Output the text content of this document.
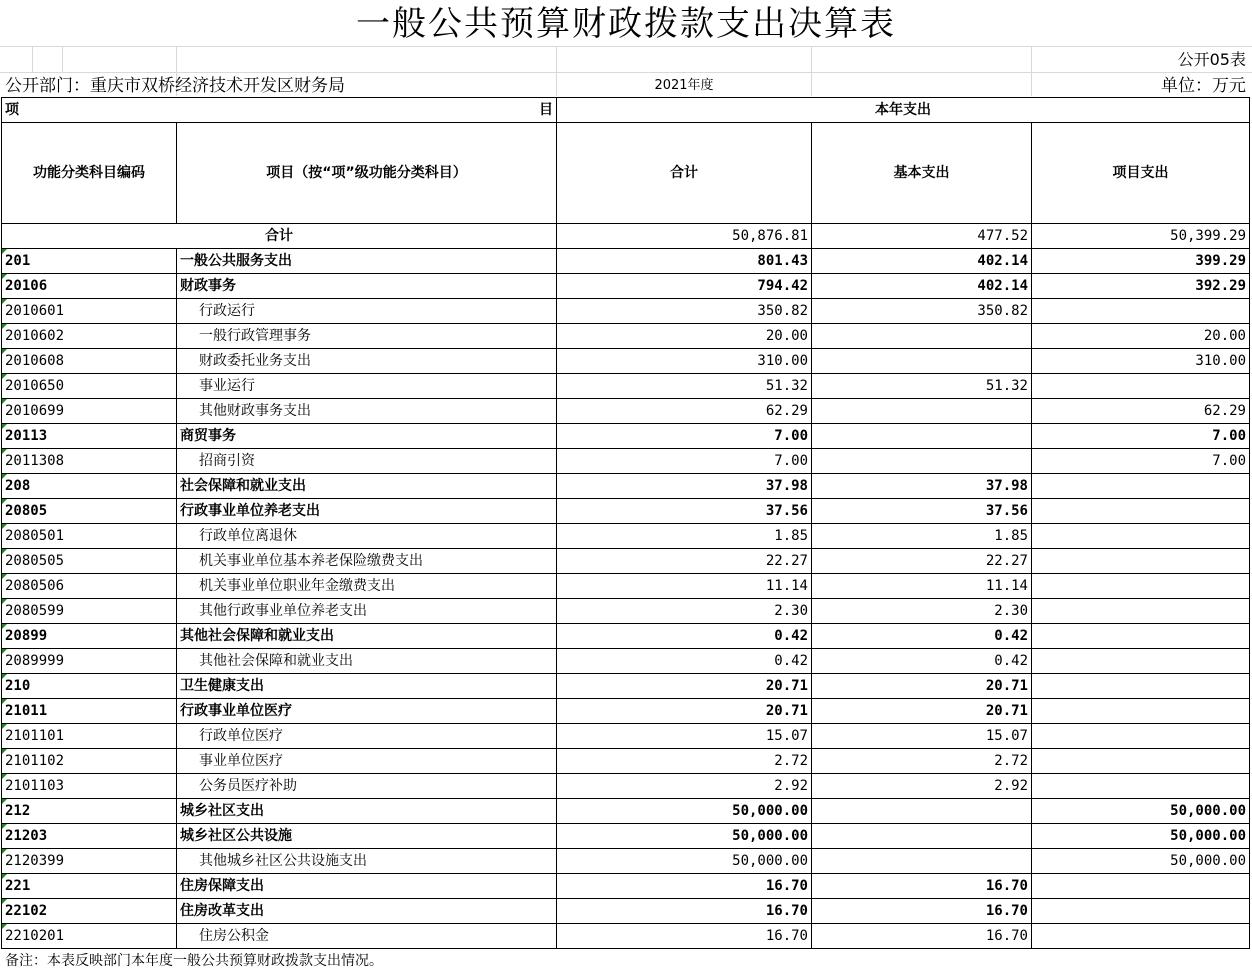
一般公共预算财政拨款支出决算表
公开05表
公开部门：重庆市双桥经济技术开发区财务局	2021年度	单位：万元
项 目		本年支出		
功能分类科目编码	项目（按“项”级功能分类科目）	合计	基本支出	项目支出
合计		50,876.81	477.52	50,399.29
201	一般公共服务支出	801.43	402.14	399.29
20106	财政事务	794.42	402.14	392.29
2010601	行政运行	350.82	350.82	
2010602	一般行政管理事务	20.00		20.00
2010608	财政委托业务支出	310.00		310.00
2010650	事业运行	51.32	51.32	
2010699	其他财政事务支出	62.29		62.29
20113	商贸事务	7.00		7.00
2011308	招商引资	7.00		7.00
208	社会保障和就业支出	37.98	37.98	
20805	行政事业单位养老支出	37.56	37.56	
2080501	行政单位离退休	1.85	1.85	
2080505	机关事业单位基本养老保险缴费支出	22.27	22.27	
2080506	机关事业单位职业年金缴费支出	11.14	11.14	
2080599	其他行政事业单位养老支出	2.30	2.30	
20899	其他社会保障和就业支出	0.42	0.42	
2089999	其他社会保障和就业支出	0.42	0.42	
210	卫生健康支出	20.71	20.71	
21011	行政事业单位医疗	20.71	20.71	
2101101	行政单位医疗	15.07	15.07	
2101102	事业单位医疗	2.72	2.72	
2101103	公务员医疗补助	2.92	2.92	
212	城乡社区支出	50,000.00		50,000.00
21203	城乡社区公共设施	50,000.00		50,000.00
2120399	其他城乡社区公共设施支出	50,000.00		50,000.00
221	住房保障支出	16.70	16.70	
22102	住房改革支出	16.70	16.70	
2210201	住房公积金	16.70	16.70	
备注：本表反映部门本年度一般公共预算财政拨款支出情况。
